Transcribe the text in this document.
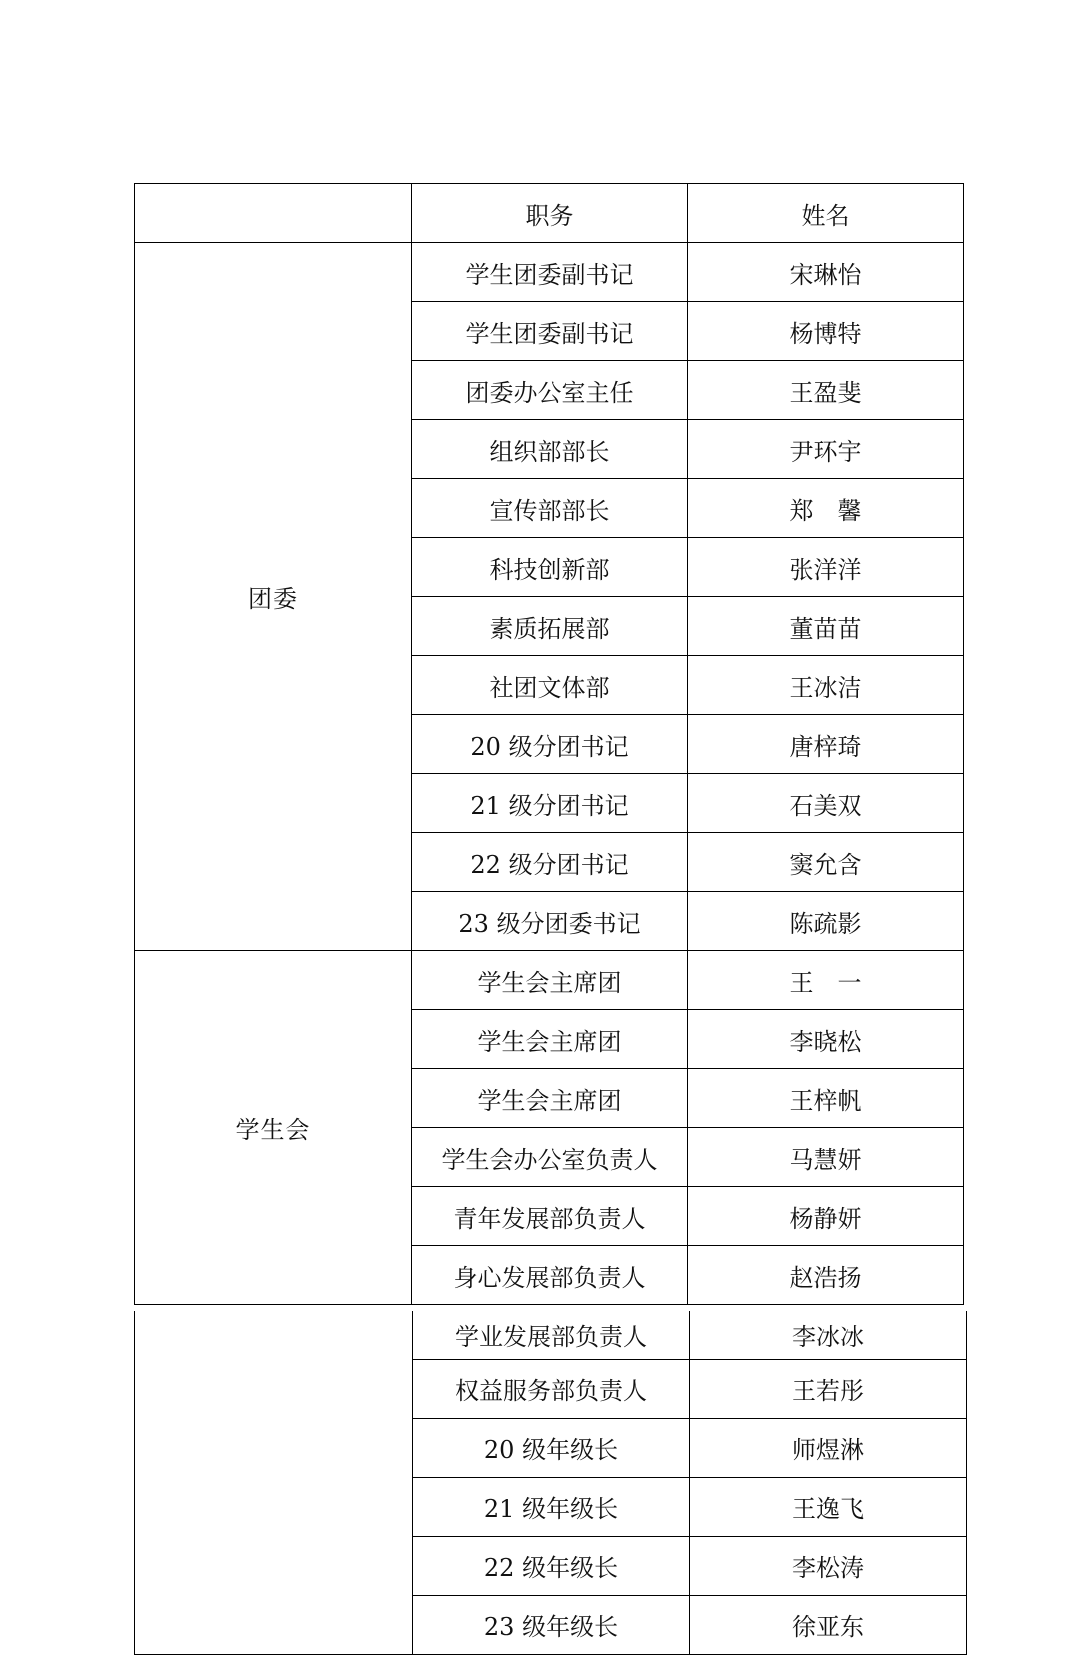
	职务	姓名
团委	学生团委副书记	宋琳怡
	学生团委副书记	杨博特
	团委办公室主任	王盈斐
	组织部部长	尹环宇
	宣传部部长	郑　馨
	科技创新部	张洋洋
	素质拓展部	董苗苗
	社团文体部	王冰洁
	20 级分团书记	唐梓琦
	21 级分团书记	石美双
	22 级分团书记	窦允含
	23 级分团委书记	陈疏影
学生会	学生会主席团	王　一
	学生会主席团	李晓松
	学生会主席团	王梓帆
	学生会办公室负责人	马慧妍
	青年发展部负责人	杨静妍
	身心发展部负责人	赵浩扬
	学业发展部负责人	李冰冰
	权益服务部负责人	王若彤
	20 级年级长	师煜淋
	21 级年级长	王逸飞
	22 级年级长	李松涛
	23 级年级长	徐亚东
